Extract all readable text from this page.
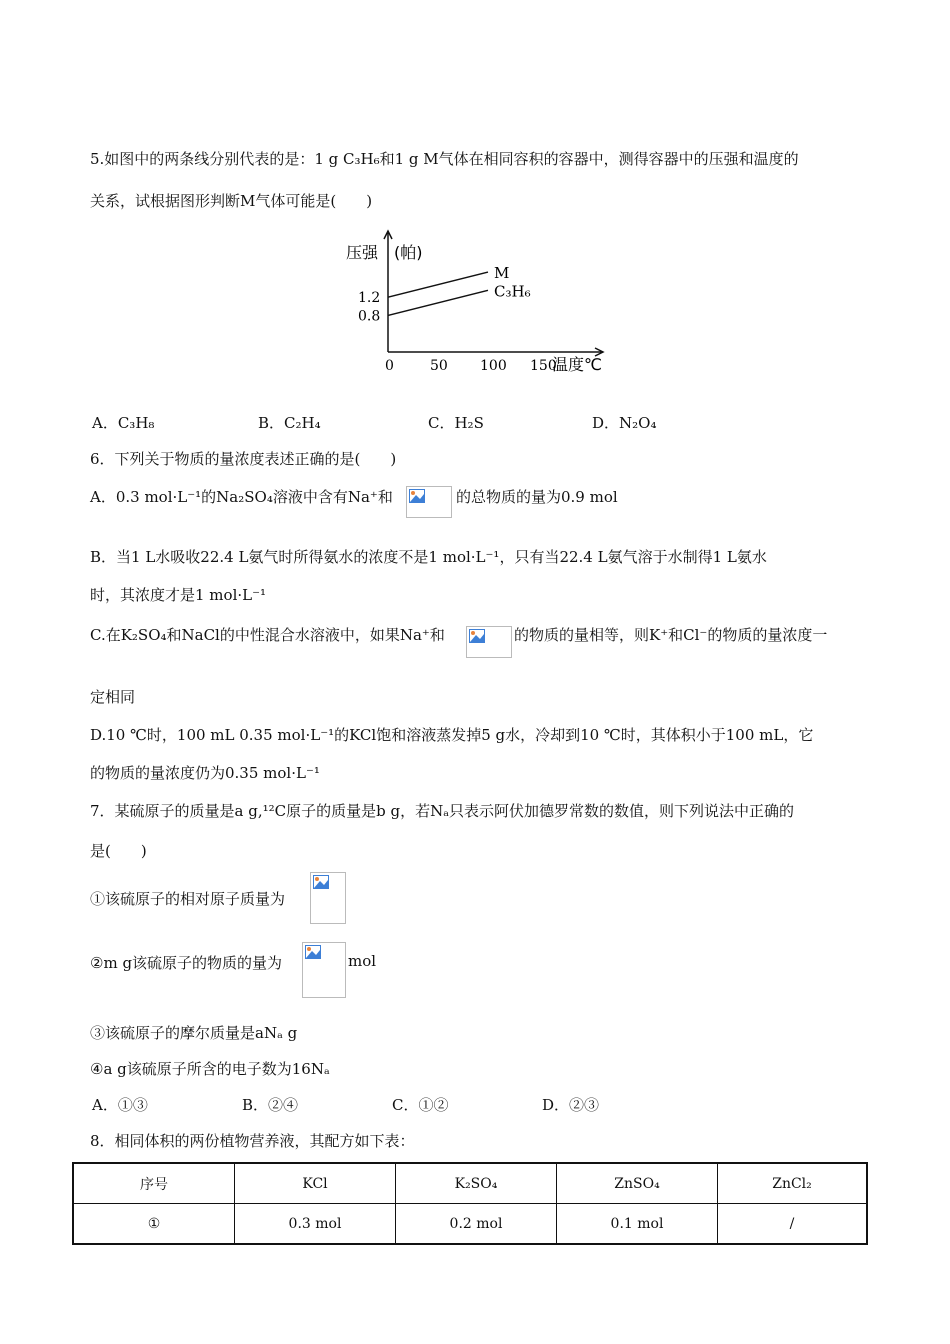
5.如图中的两条线分别代表的是：1 g C₃H₆和1 g M气体在相同容积的容器中，测得容器中的压强和温度的
关系，试根据图形判断M气体可能是(　　)
压强　(帕)
温度℃
0	50 100 150
0.8
1.2
M
C₃H₆
A．C₃H₈	B．C₂H₄	C．H₂S	D．N₂O₄
6．下列关于物质的量浓度表述正确的是(　　)
A．0.3 mol·L⁻¹的Na₂SO₄溶液中含有Na⁺和	的总物质的量为0.9 mol
B．当1 L水吸收22.4 L氨气时所得氨水的浓度不是1 mol·L⁻¹，只有当22.4 L氨气溶于水制得1 L氨水
时，其浓度才是1 mol·L⁻¹
C.在K₂SO₄和NaCl的中性混合水溶液中，如果Na⁺和	的物质的量相等，则K⁺和Cl⁻的物质的量浓度一
定相同
D.10 ℃时，100 mL 0.35 mol·L⁻¹的KCl饱和溶液蒸发掉5 g水，冷却到10 ℃时，其体积小于100 mL，它
的物质的量浓度仍为0.35 mol·L⁻¹
7．某硫原子的质量是a g,¹²C原子的质量是b g，若Nₐ只表示阿伏加德罗常数的数值，则下列说法中正确的
是(　　)
①该硫原子的相对原子质量为
②m g该硫原子的物质的量为	mol
③该硫原子的摩尔质量是aNₐ g
④a g该硫原子所含的电子数为16Nₐ
A．①③	B．②④	C．①②	D．②③
8．相同体积的两份植物营养液，其配方如下表：
序号	KCl	K₂SO₄	ZnSO₄	ZnCl₂
①	0.3 mol	0.2 mol	0.1 mol	/
